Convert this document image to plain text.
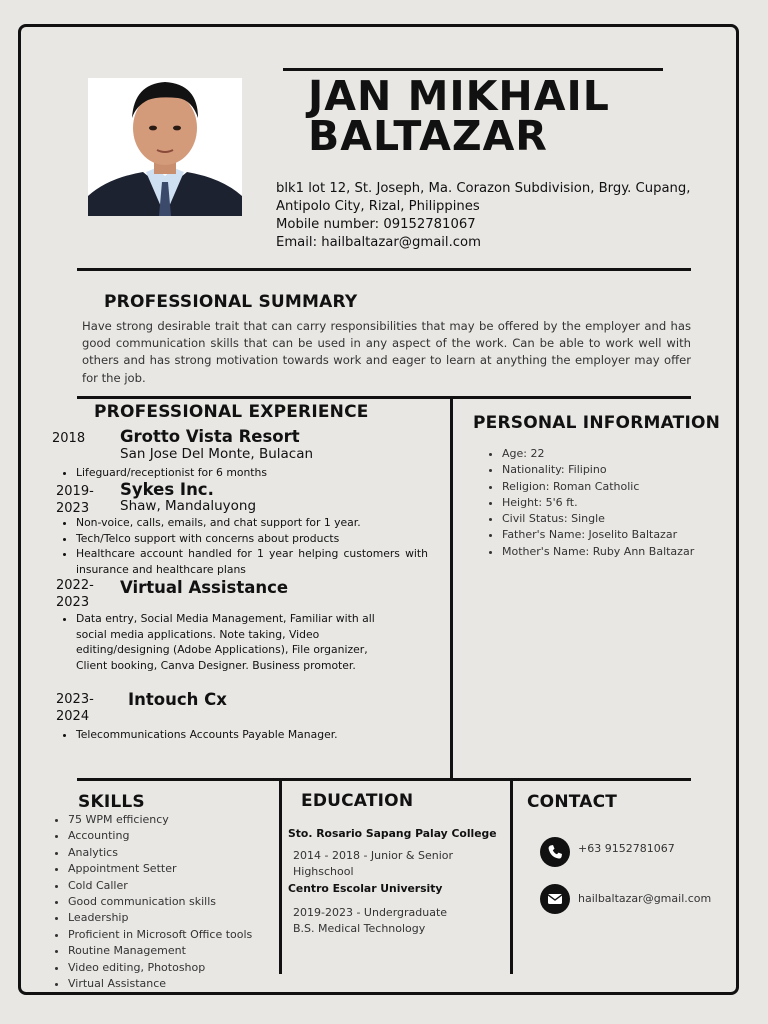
JAN MIKHAIL
BALTAZAR
blk1 lot 12, St. Joseph, Ma. Corazon Subdivision, Brgy. Cupang,
Antipolo City, Rizal, Philippines
Mobile number: 09152781067
Email: hailbaltazar@gmail.com
PROFESSIONAL SUMMARY
Have strong desirable trait that can carry responsibilities that may be offered by the employer and has good communication skills that can be used in any aspect of the work. Can be able to work well with others and has strong motivation towards work and eager to learn at anything the employer may offer for the job.
PROFESSIONAL EXPERIENCE
2018 Grotto Vista Resort
San Jose Del Monte, Bulacan
• Lifeguard/receptionist for 6 months
2019-
2023
Sykes Inc.
Shaw, Mandaluyong
• Non-voice, calls, emails, and chat support for 1 year.
• Tech/Telco support with concerns about products
• Healthcare account handled for 1 year helping customers with insurance and healthcare plans
2022-
2023
Virtual Assistance
• Data entry, Social Media Management, Familiar with all social media applications. Note taking, Video editing/designing (Adobe Applications), File organizer, Client booking, Canva Designer. Business promoter.
2023-
2024
Intouch Cx
• Telecommunications Accounts Payable Manager.
PERSONAL INFORMATION
• Age: 22
• Nationality: Filipino
• Religion: Roman Catholic
• Height: 5'6 ft.
• Civil Status: Single
• Father's Name: Joselito Baltazar
• Mother's Name: Ruby Ann Baltazar
SKILLS
• 75 WPM efficiency
• Accounting
• Analytics
• Appointment Setter
• Cold Caller
• Good communication skills
• Leadership
• Proficient in Microsoft Office tools
• Routine Management
• Video editing, Photoshop
• Virtual Assistance
EDUCATION
Sto. Rosario Sapang Palay College
2014 - 2018 - Junior & Senior Highschool
Centro Escolar University
2019-2023 - Undergraduate
B.S. Medical Technology
CONTACT
+63 9152781067
hailbaltazar@gmail.com
